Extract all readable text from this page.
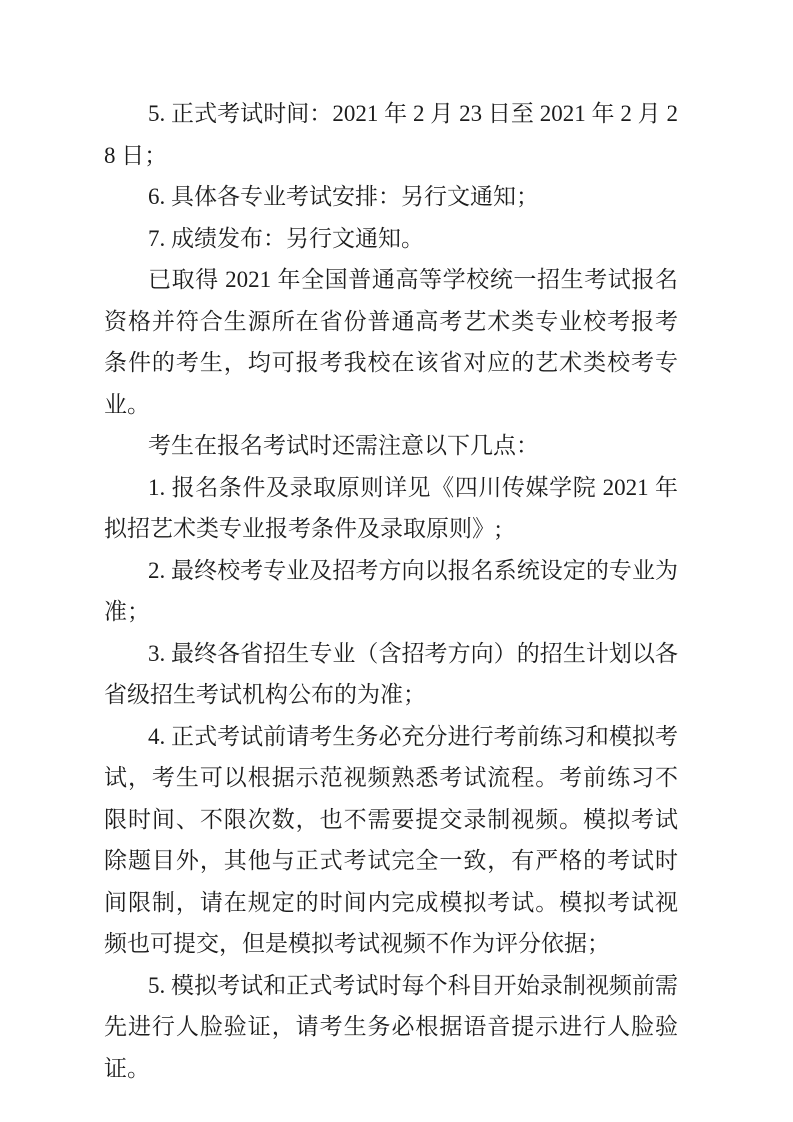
5. 正式考试时间：2021 年 2 月 23 日至 2021 年 2 月 28 日；

6. 具体各专业考试安排：另行文通知；

7. 成绩发布：另行文通知。

已取得 2021 年全国普通高等学校统一招生考试报名资格并符合生源所在省份普通高考艺术类专业校考报考条件的考生，均可报考我校在该省对应的艺术类校考专业。

考生在报名考试时还需注意以下几点：

1. 报名条件及录取原则详见《四川传媒学院 2021 年拟招艺术类专业报考条件及录取原则》;

2. 最终校考专业及招考方向以报名系统设定的专业为准；

3. 最终各省招生专业（含招考方向）的招生计划以各省级招生考试机构公布的为准；

4. 正式考试前请考生务必充分进行考前练习和模拟考试，考生可以根据示范视频熟悉考试流程。考前练习不限时间、不限次数，也不需要提交录制视频。模拟考试除题目外，其他与正式考试完全一致，有严格的考试时间限制，请在规定的时间内完成模拟考试。模拟考试视频也可提交，但是模拟考试视频不作为评分依据；

5. 模拟考试和正式考试时每个科目开始录制视频前需先进行人脸验证，请考生务必根据语音提示进行人脸验证。
